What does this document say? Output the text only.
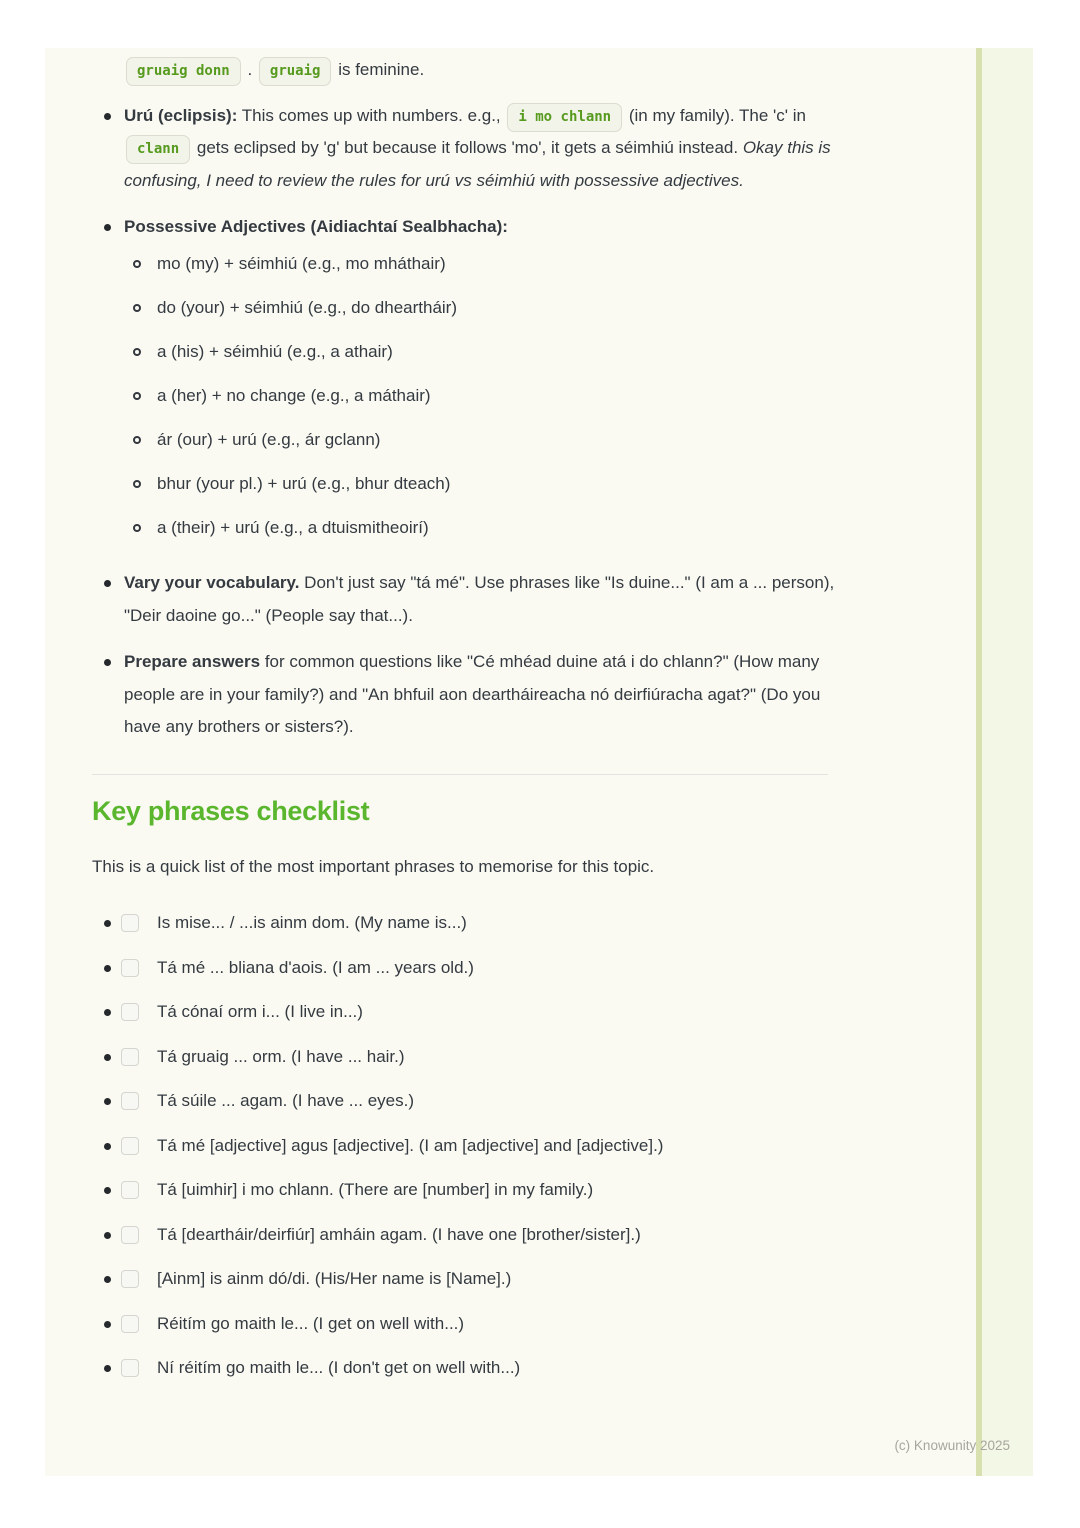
gruaig donn . gruaig is feminine.

Urú (eclipsis): This comes up with numbers. e.g., i mo chlann (in my family). The 'c' in clann gets eclipsed by 'g' but because it follows 'mo', it gets a séimhiú instead. Okay this is confusing, I need to review the rules for urú vs séimhiú with possessive adjectives.

Possessive Adjectives (Aidiachtaí Sealbhacha):

mo (my) + séimhiú (e.g., mo mháthair)
do (your) + séimhiú (e.g., do dheartháir)
a (his) + séimhiú (e.g., a athair)
a (her) + no change (e.g., a máthair)
ár (our) + urú (e.g., ár gclann)
bhur (your pl.) + urú (e.g., bhur dteach)
a (their) + urú (e.g., a dtuismitheoirí)

Vary your vocabulary. Don't just say "tá mé". Use phrases like "Is duine..." (I am a ... person), "Deir daoine go..." (People say that...).

Prepare answers for common questions like "Cé mhéad duine atá i do chlann?" (How many people are in your family?) and "An bhfuil aon deartháireacha nó deirfiúracha agat?" (Do you have any brothers or sisters?).

Key phrases checklist

This is a quick list of the most important phrases to memorise for this topic.

Is mise... / ...is ainm dom. (My name is...)
Tá mé ... bliana d'aois. (I am ... years old.)
Tá cónaí orm i... (I live in...)
Tá gruaig ... orm. (I have ... hair.)
Tá súile ... agam. (I have ... eyes.)
Tá mé [adjective] agus [adjective]. (I am [adjective] and [adjective].)
Tá [uimhir] i mo chlann. (There are [number] in my family.)
Tá [deartháir/deirfiúr] amháin agam. (I have one [brother/sister].)
[Ainm] is ainm dó/di. (His/Her name is [Name].)
Réitím go maith le... (I get on well with...)
Ní réitím go maith le... (I don't get on well with...)
(c) Knowunity 2025
